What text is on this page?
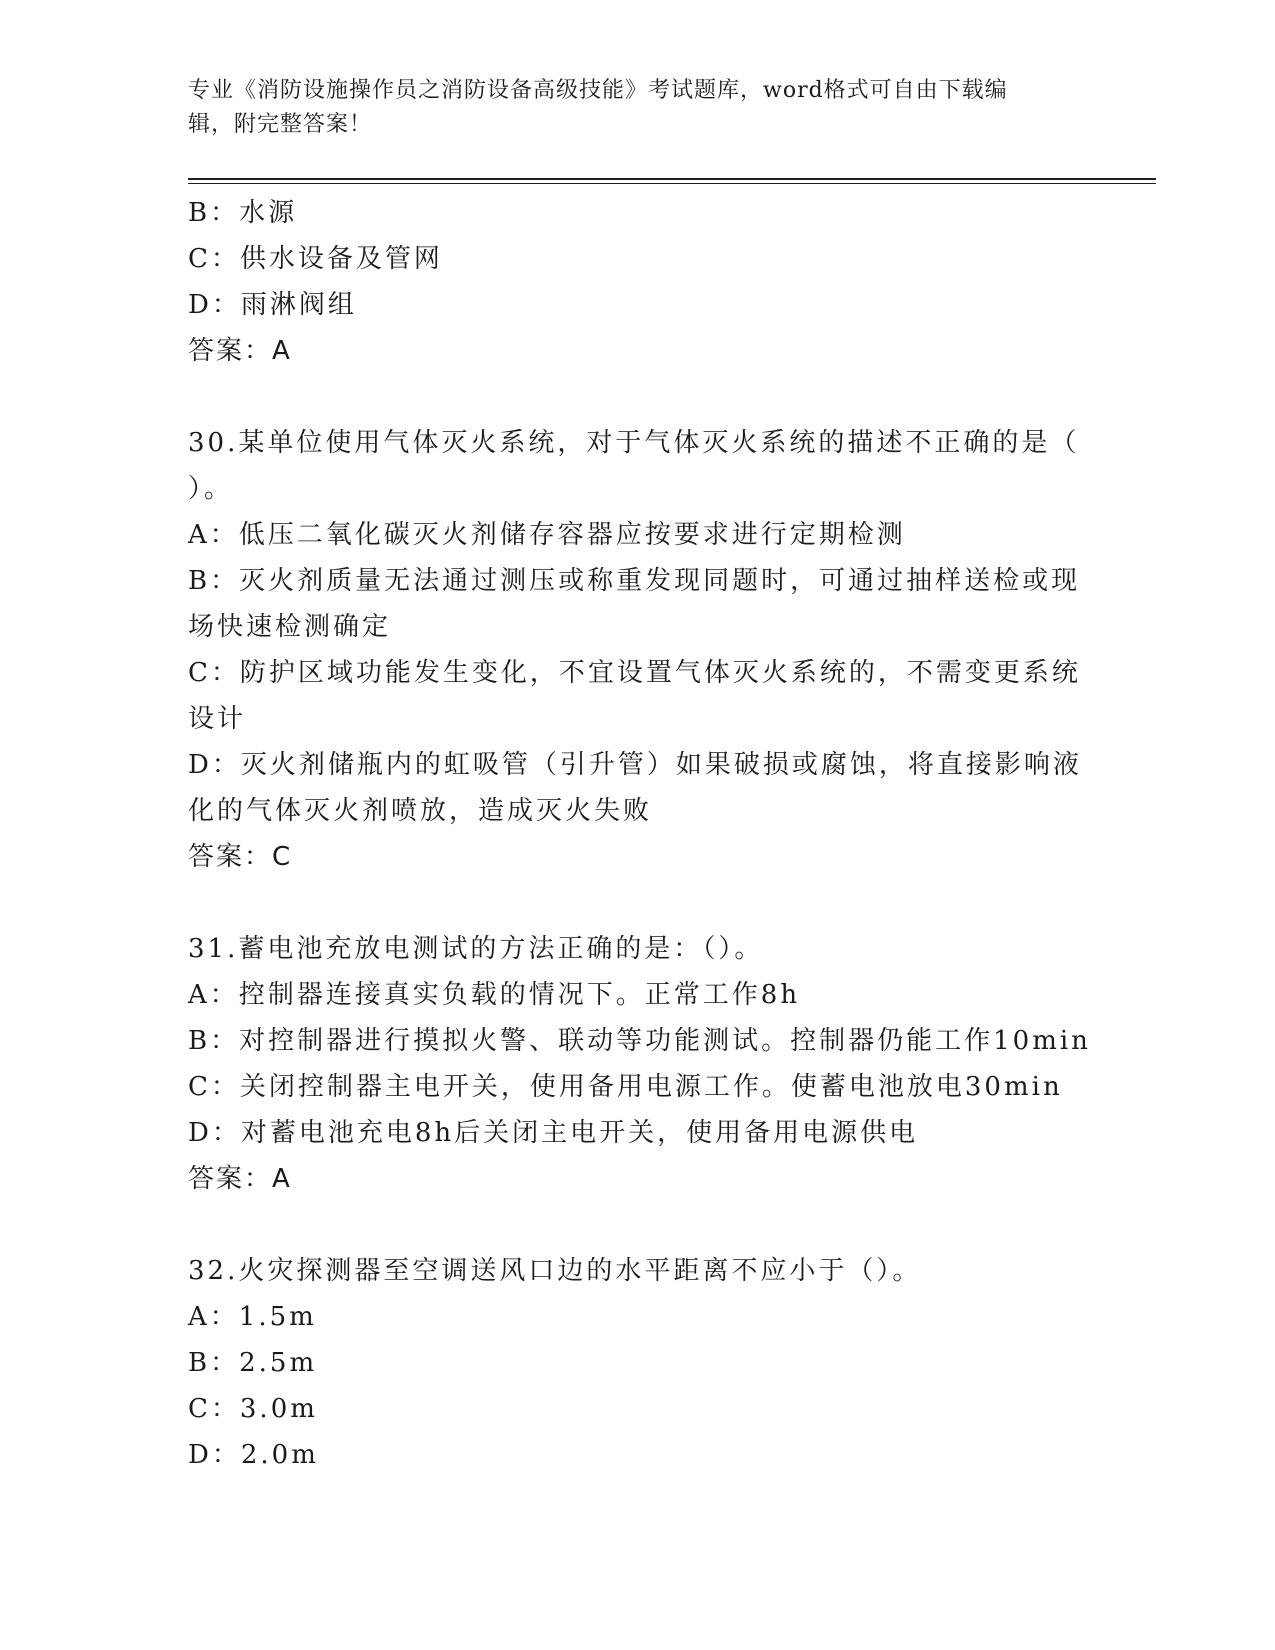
专业《消防设施操作员之消防设备高级技能》考试题库，word格式可自由下载编
辑，附完整答案！
B：水源
C：供水设备及管网
D：雨淋阀组
答案：A
30.某单位使用气体灭火系统，对于气体灭火系统的描述不正确的是（
）。
A：低压二氧化碳灭火剂储存容器应按要求进行定期检测
B：灭火剂质量无法通过测压或称重发现同题时，可通过抽样送检或现
场快速检测确定
C：防护区域功能发生变化，不宜设置气体灭火系统的，不需变更系统
设计
D：灭火剂储瓶内的虹吸管（引升管）如果破损或腐蚀，将直接影响液
化的气体灭火剂喷放，造成灭火失败
答案：C
31.蓄电池充放电测试的方法正确的是：（）。
A：控制器连接真实负载的情况下。正常工作8h
B：对控制器进行摸拟火警、联动等功能测试。控制器仍能工作10min
C：关闭控制器主电开关，使用备用电源工作。使蓄电池放电30min
D：对蓄电池充电8h后关闭主电开关，使用备用电源供电
答案：A
32.火灾探测器至空调送风口边的水平距离不应小于（）。
A：1.5m
B：2.5m
C：3.0m
D：2.0m
